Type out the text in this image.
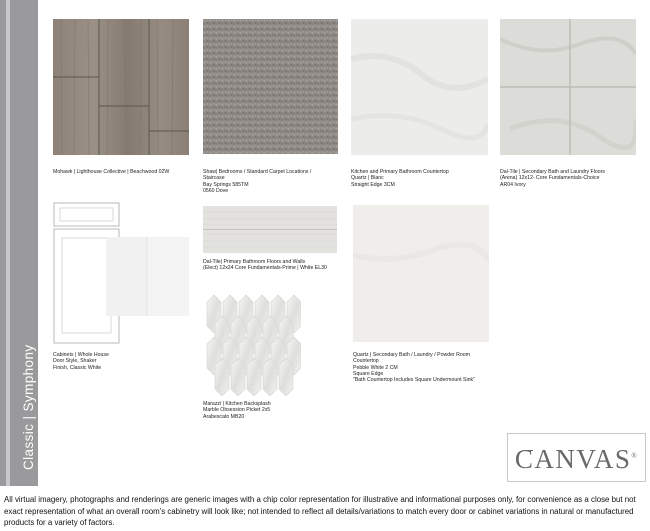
Classic | Symphony
Mohawk | Lighthouse Collective | Beachwood 02W	Shaw| Bedrooms / Standard Carpet Locations /
Staircase
Bay Springs 585TM
0560 Dove
Kitchen and Primary Bathroom Countertop
Quartz | Blanc
Straight Edge 3CM
Dal-Tile | Secondary Bath and Laundry Floors
(Arena) 12x12- Core Fundamentals-Choice
AR04 Ivory
Cabinets | Whole House
Door Style, Shaker
Finish, Classic White
Dal-Tile| Primary Bathroom Floors and Walls
(Elect) 12x24 Core Fundamentals-Prime | White EL30
Marazzi | Kitchen Backsplash
Marble Obsession Picket 2x5
Arabescato MB20
Quartz | Secondary Bath / Laundry / Powder Room
Countertop
Pebble White 2 CM
Square Edge
"Bath Countertop Includes Square Undermount Sink"
CANVAS®
All virtual imagery, photographs and renderings are generic images with a chip color representation for illustrative and informational purposes only, for convenience as a close but not exact representation of what an overall room's cabinetry will look like; not intended to reflect all details/variations to match every door or cabinet variations in natural or manufactured products for a variety of factors.
